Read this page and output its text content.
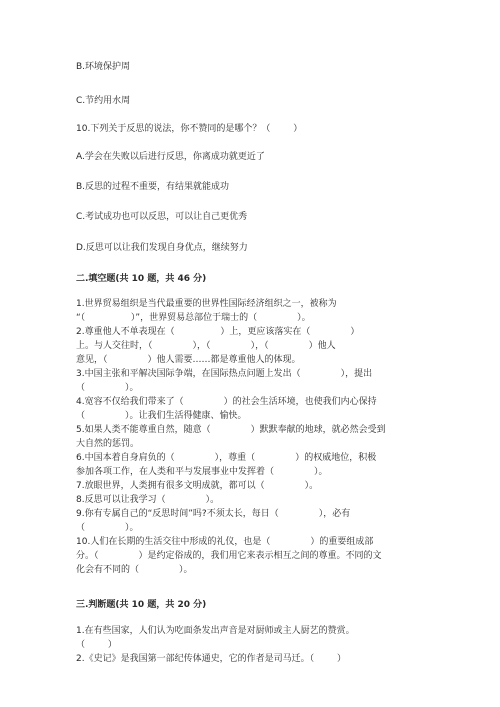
B.环境保护周
C.节约用水周
10.下列关于反思的说法，你不赞同的是哪个？（        ）
A.学会在失败以后进行反思，你离成功就更近了
B.反思的过程不重要，有结果就能成功
C.考试成功也可以反思，可以让自己更优秀
D.反思可以让我们发现自身优点，继续努力
二.填空题(共 10 题，共 46 分)
1.世界贸易组织是当代最重要的世界性国际经济组织之一，被称为
“（                ）”，世界贸易总部位于瑞士的（              ）。
2.尊重他人不单表现在（                ）上，更应该落实在（              ）
上。与人交往时，（              ），（              ），（              ）他人
意见，（              ）他人需要……都是尊重他人的体现。
3.中国主张和平解决国际争端，在国际热点问题上发出（              ），提出
（              ）。
4.宽容不仅给我们带来了（              ）的社会生活环境，也使我们内心保持
（              ）。让我们生活得健康、愉快。
5.如果人类不能尊重自然，随意（              ）默默奉献的地球，就必然会受到
大自然的惩罚。
6.中国本着自身肩负的（              ），尊重（              ）的权威地位，积极
参加各项工作，在人类和平与发展事业中发挥着（              ）。
7.放眼世界，人类拥有很多文明成就，都可以（              ）。
8.反思可以让我学习（              ）。
9.你有专属自己的“反思时间”吗?不须太长，每日（              ），必有
（              ）。
10.人们在长期的生活交往中形成的礼仪，也是（              ）的重要组成部
分。（              ）是约定俗成的，我们用它来表示相互之间的尊重。不同的文
化会有不同的（              ）。
三.判断题(共 10 题，共 20 分)
1.在有些国家，人们认为吃面条发出声音是对厨师或主人厨艺的赞赏。
（        ）
2.《史记》是我国第一部纪传体通史，它的作者是司马迁。（        ）
